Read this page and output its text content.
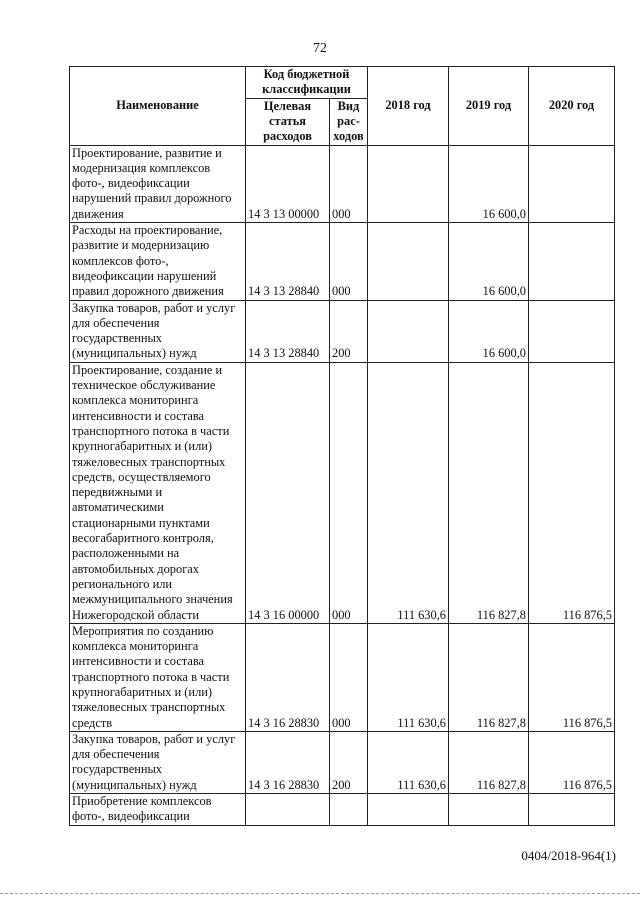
72
Наименование	Код бюджетной классификации		2018 год	2019 год	2020 год
	Целевая статья расходов	Вид рас-ходов			
Проектирование, развитие и модернизация комплексов фото-, видеофиксации нарушений правил дорожного движения	14 3 13 00000	000		16 600,0	
Расходы на проектирование, развитие и модернизацию комплексов фото-, видеофиксации нарушений правил дорожного движения	14 3 13 28840	000		16 600,0	
Закупка товаров, работ и услуг для обеспечения государственных (муниципальных) нужд	14 3 13 28840	200		16 600,0	
Проектирование, создание и техническое обслуживание комплекса мониторинга интенсивности и состава транспортного потока в части крупногабаритных и (или) тяжеловесных транспортных средств, осуществляемого передвижными и автоматическими стационарными пунктами весогабаритного контроля, расположенными на автомобильных дорогах регионального или межмуниципального значения Нижегородской области	14 3 16 00000	000	111 630,6	116 827,8	116 876,5
Мероприятия по созданию комплекса мониторинга интенсивности и состава транспортного потока в части крупногабаритных и (или) тяжеловесных транспортных средств	14 3 16 28830	000	111 630,6	116 827,8	116 876,5
Закупка товаров, работ и услуг для обеспечения государственных (муниципальных) нужд	14 3 16 28830	200	111 630,6	116 827,8	116 876,5
Приобретение комплексов фото-, видеофиксации					
0404/2018-964(1)
